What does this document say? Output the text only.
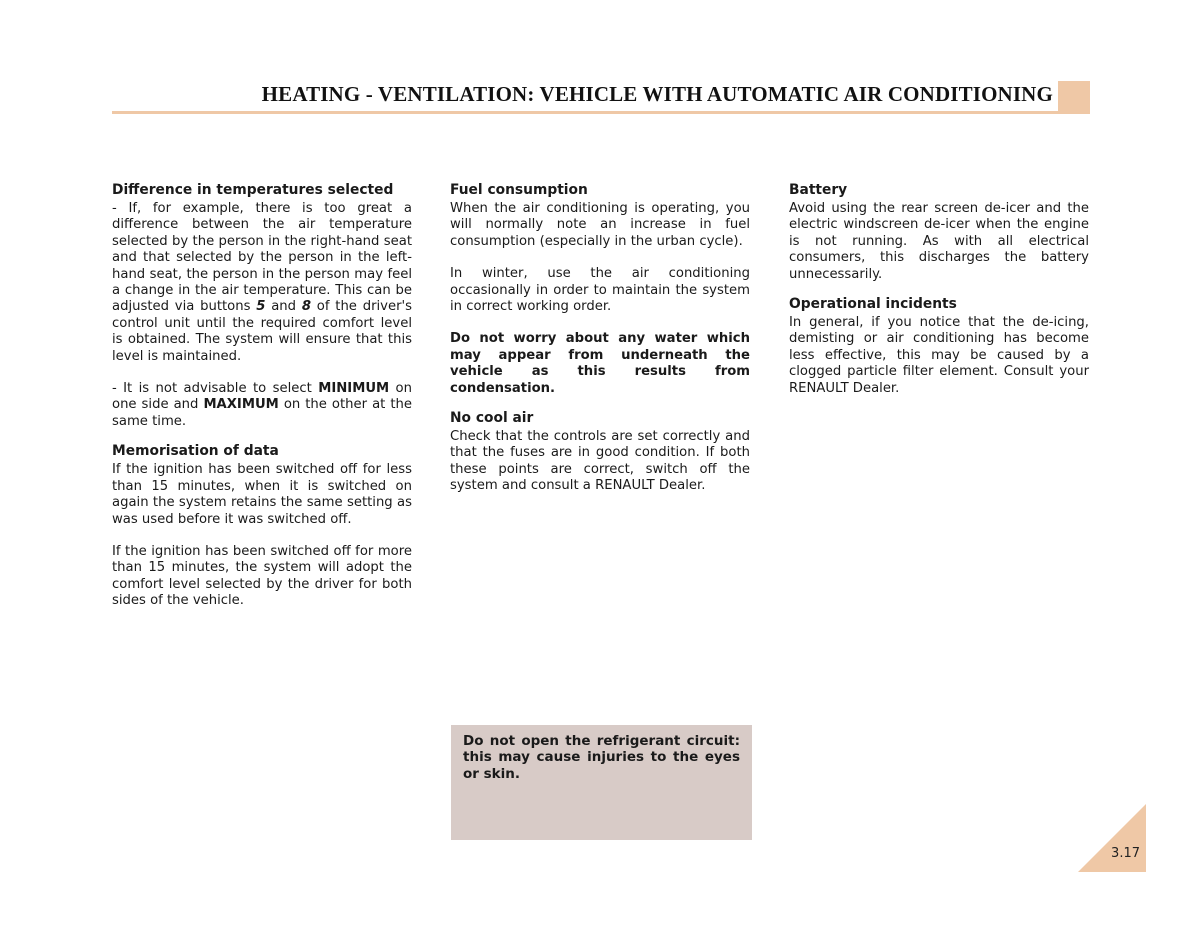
HEATING - VENTILATION: VEHICLE WITH AUTOMATIC AIR CONDITIONING
Difference in temperatures selected

- If, for example, there is too great a difference between the air temperature selected by the person in the right-hand seat and that selected by the person in the left-hand seat, the person in the person may feel a change in the air temperature. This can be adjusted via buttons 5 and 8 of the driver's control unit until the required comfort level is obtained. The system will ensure that this level is maintained.

- It is not advisable to select MINIMUM on one side and MAXIMUM on the other at the same time.

Memorisation of data

If the ignition has been switched off for less than 15 minutes, when it is switched on again the system retains the same setting as was used before it was switched off.

If the ignition has been switched off for more than 15 minutes, the system will adopt the comfort level selected by the driver for both sides of the vehicle.

Fuel consumption

When the air conditioning is operating, you will normally note an increase in fuel consumption (especially in the urban cycle).

In winter, use the air conditioning occasionally in order to maintain the system in correct working order.

Do not worry about any water which may appear from underneath the vehicle as this results from condensation.

No cool air

Check that the controls are set correctly and that the fuses are in good condition. If both these points are correct, switch off the system and consult a RENAULT Dealer.

Battery

Avoid using the rear screen de-icer and the electric windscreen de-icer when the engine is not running. As with all electrical consumers, this discharges the battery unnecessarily.

Operational incidents

In general, if you notice that the de-icing, demisting or air conditioning has become less effective, this may be caused by a clogged particle filter element. Consult your RENAULT Dealer.

Do not open the refrigerant circuit: this may cause injuries to the eyes or skin.
3.17
